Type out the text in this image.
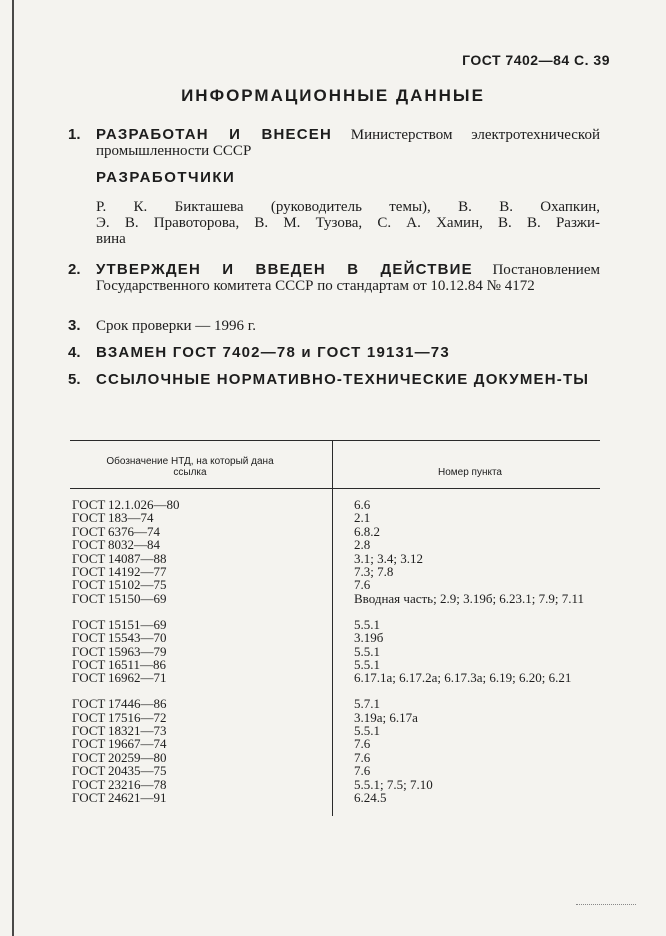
ГОСТ 7402—84 С. 39
ИНФОРМАЦИОННЫЕ ДАННЫЕ
1.	РАЗРАБОТАН И ВНЕСЕН Министерством электротехнической промышленности СССР
РАЗРАБОТЧИКИ
Р. К. Бикташева (руководитель темы), В. В. Охапкин,
Э. В. Правоторова, В. М. Тузова, С. А. Хамин, В. В. Разжи-
вина
2.	УТВЕРЖДЕН И ВВЕДЕН В ДЕЙСТВИЕ Постановлением Государственного комитета СССР по стандартам от 10.12.84 № 4172
3.	Срок проверки — 1996 г.
4.	ВЗАМЕН ГОСТ 7402—78 и ГОСТ 19131—73
5.	ССЫЛОЧНЫЕ НОРМАТИВНО-ТЕХНИЧЕСКИЕ ДОКУМЕН-ТЫ
Обозначение НТД, на который дана ссылка	Номер пункта
ГОСТ 12.1.026—80	6.6
ГОСТ 183—74	2.1
ГОСТ 6376—74	6.8.2
ГОСТ 8032—84	2.8
ГОСТ 14087—88	3.1; 3.4; 3.12
ГОСТ 14192—77	7.3; 7.8
ГОСТ 15102—75	7.6
ГОСТ 15150—69	Вводная часть; 2.9; 3.19б; 6.23.1; 7.9; 7.11
ГОСТ 15151—69	5.5.1
ГОСТ 15543—70	3.19б
ГОСТ 15963—79	5.5.1
ГОСТ 16511—86	5.5.1
ГОСТ 16962—71	6.17.1а; 6.17.2а; 6.17.3а; 6.19; 6.20; 6.21
ГОСТ 17446—86	5.7.1
ГОСТ 17516—72	3.19а; 6.17а
ГОСТ 18321—73	5.5.1
ГОСТ 19667—74	7.6
ГОСТ 20259—80	7.6
ГОСТ 20435—75	7.6
ГОСТ 23216—78	5.5.1; 7.5; 7.10
ГОСТ 24621—91	6.24.5
